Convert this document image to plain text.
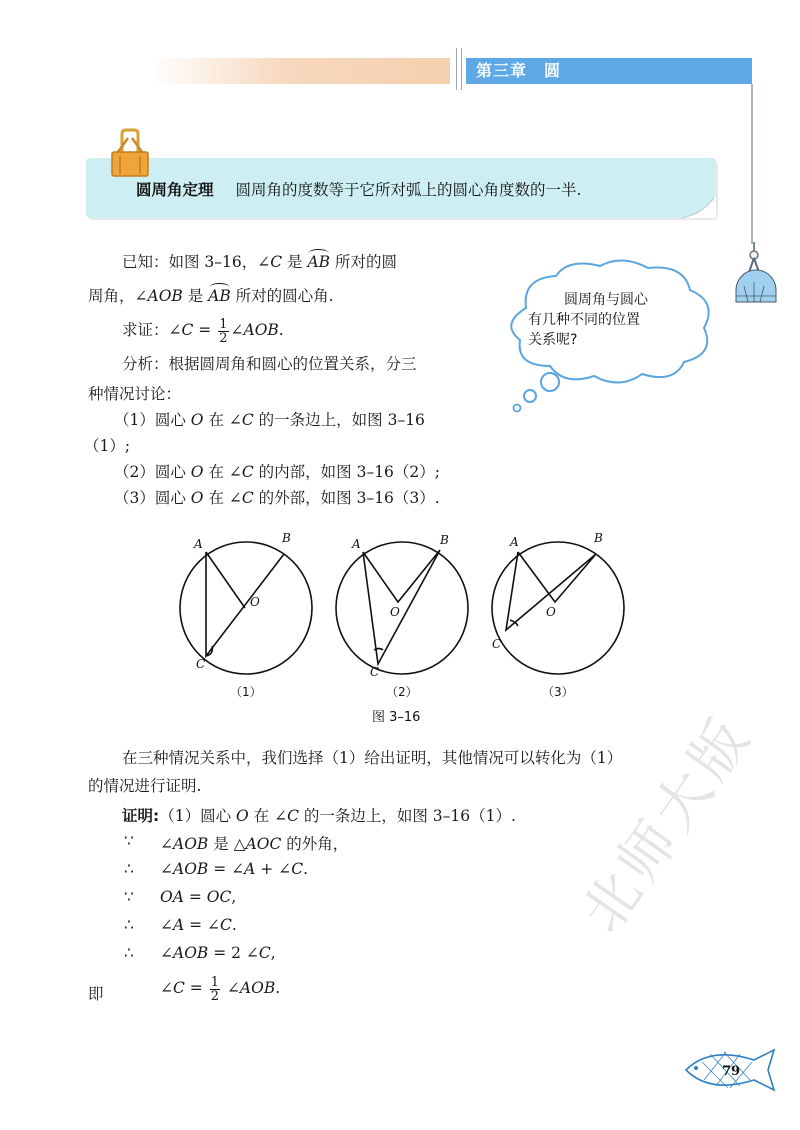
第三章　圆
圆周角定理 圆周角的度数等于它所对弧上的圆心角度数的一半.
已知：如图 3–16，∠C 是 AB 所对的圆
周角，∠AOB 是 AB 所对的圆心角.
求证：∠C = $\frac{1}{2}$ ∠AOB.
分析：根据圆周角和圆心的位置关系，分三
种情况讨论：
（1）圆心 O 在 ∠C 的一条边上，如图 3–16
（1）;
（2）圆心 O 在 ∠C 的内部，如图 3–16（2）;
（3）圆心 O 在 ∠C 的外部，如图 3–16（3）.
圆周角与圆心
有几种不同的位置
关系呢?
A	B
O
C
A	B
O
C
A	B
O
C
（1）	（2）	（3）
图 3–16
在三种情况关系中，我们选择（1）给出证明，其他情况可以转化为（1）
的情况进行证明.
证明:（1）圆心 O 在 ∠C 的一条边上，如图 3–16（1）.
∵ ∠AOB 是 △AOC 的外角，
∴ ∠AOB = ∠A + ∠C.
∵ OA = OC,
∴ ∠A = ∠C.
∴ ∠AOB = 2 ∠C,
即	∠C = $\frac{1}{2}$ ∠AOB.
北师大版
79
